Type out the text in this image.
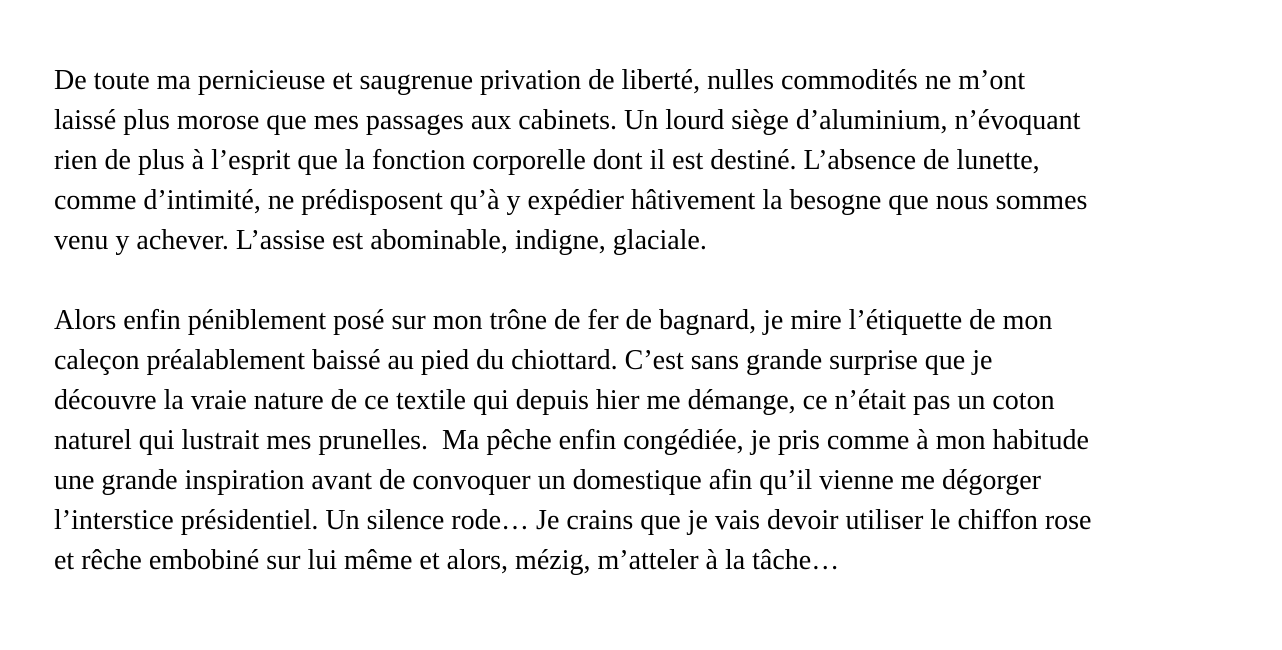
De toute ma pernicieuse et saugrenue privation de liberté, nulles commodités ne m’ont
laissé plus morose que mes passages aux cabinets. Un lourd siège d’aluminium, n’évoquant
rien de plus à l’esprit que la fonction corporelle dont il est destiné. L’absence de lunette,
comme d’intimité, ne prédisposent qu’à y expédier hâtivement la besogne que nous sommes
venu y achever. L’assise est abominable, indigne, glaciale.

Alors enfin péniblement posé sur mon trône de fer de bagnard, je mire l’étiquette de mon
caleçon préalablement baissé au pied du chiottard. C’est sans grande surprise que je
découvre la vraie nature de ce textile qui depuis hier me démange, ce n’était pas un coton
naturel qui lustrait mes prunelles.  Ma pêche enfin congédiée, je pris comme à mon habitude
une grande inspiration avant de convoquer un domestique afin qu’il vienne me dégorger
l’interstice présidentiel. Un silence rode… Je crains que je vais devoir utiliser le chiffon rose
et rêche embobiné sur lui même et alors, mézig, m’atteler à la tâche…
